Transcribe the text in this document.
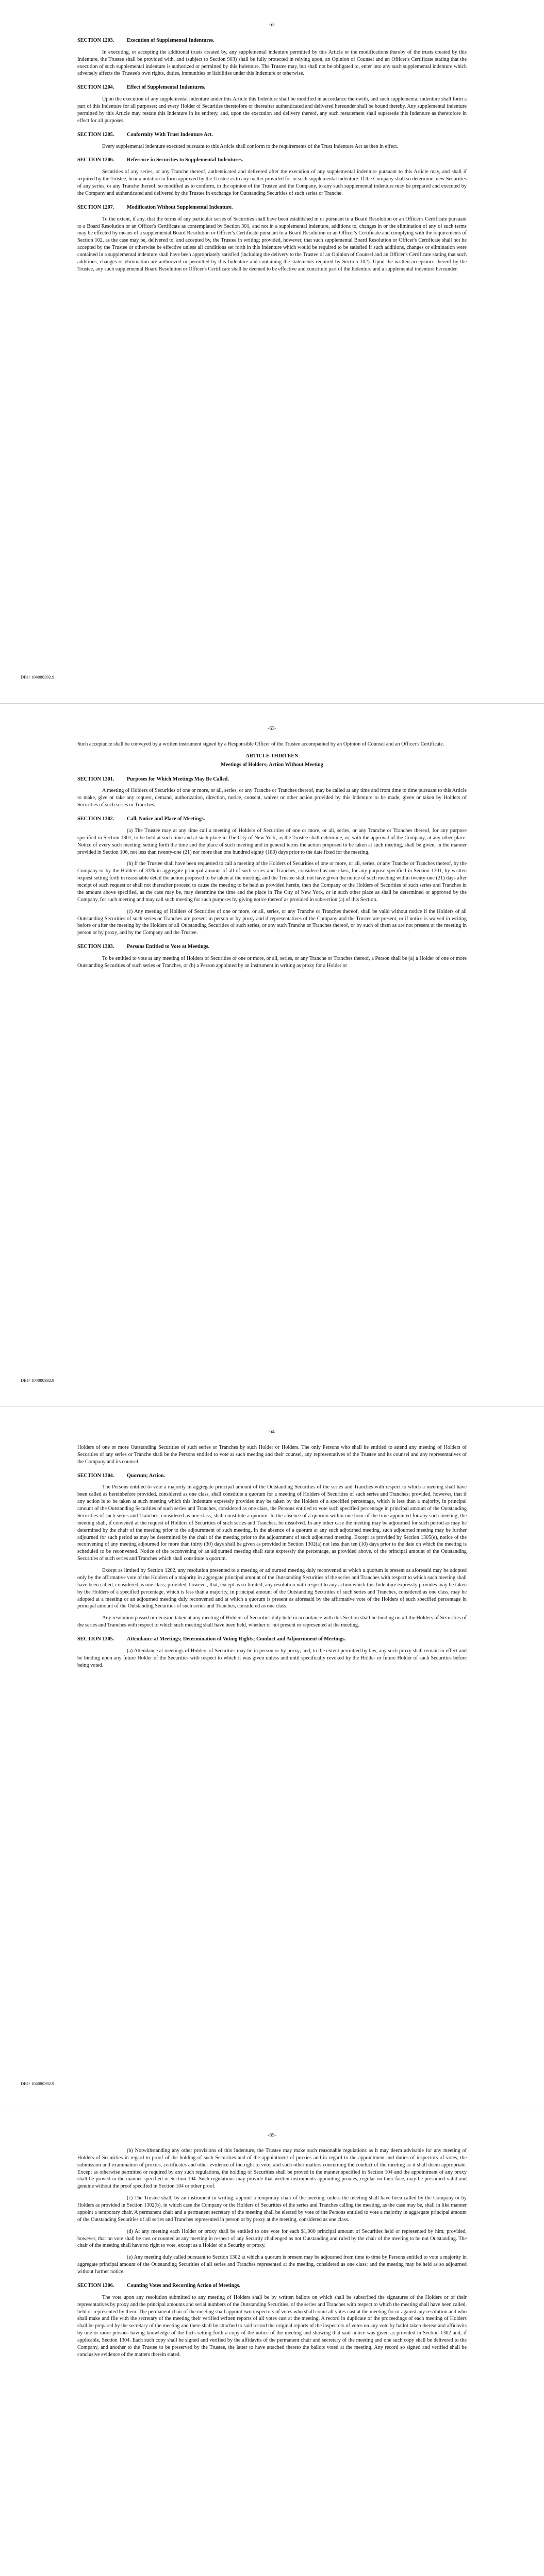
-62-
SECTION 1203. Execution of Supplemental Indentures.

In executing, or accepting the additional trusts created by, any supplemental indenture permitted by this Article or the modifications thereby of the trusts created by this Indenture, the Trustee shall be provided with, and (subject to Section 903) shall be fully protected in relying upon, an Opinion of Counsel and an Officer's Certificate stating that the execution of such supplemental indenture is authorized or permitted by this Indenture. The Trustee may, but shall not be obligated to, enter into any such supplemental indenture which adversely affects the Trustee's own rights, duties, immunities or liabilities under this Indenture or otherwise.

SECTION 1204. Effect of Supplemental Indentures.

Upon the execution of any supplemental indenture under this Article this Indenture shall be modified in accordance therewith, and such supplemental indenture shall form a part of this Indenture for all purposes; and every Holder of Securities theretofore or thereafter authenticated and delivered hereunder shall be bound thereby. Any supplemental indenture permitted by this Article may restate this Indenture in its entirety, and, upon the execution and delivery thereof, any such restatement shall supersede this Indenture as theretofore in effect for all purposes.

SECTION 1205. Conformity With Trust Indenture Act.

Every supplemental indenture executed pursuant to this Article shall conform to the requirements of the Trust Indenture Act as then in effect.

SECTION 1206. Reference in Securities to Supplemental Indentures.

Securities of any series, or any Tranche thereof, authenticated and delivered after the execution of any supplemental indenture pursuant to this Article may, and shall if required by the Trustee, bear a notation in form approved by the Trustee as to any matter provided for in such supplemental indenture. If the Company shall so determine, new Securities of any series, or any Tranche thereof, so modified as to conform, in the opinion of the Trustee and the Company, to any such supplemental indenture may be prepared and executed by the Company and authenticated and delivered by the Trustee in exchange for Outstanding Securities of such series or Tranche.

SECTION 1207. Modification Without Supplemental Indenture.

To the extent, if any, that the terms of any particular series of Securities shall have been established in or pursuant to a Board Resolution or an Officer's Certificate pursuant to a Board Resolution or an Officer's Certificate as contemplated by Section 301, and not in a supplemental indenture, additions to, changes in or the elimination of any of such terms may be effected by means of a supplemental Board Resolution or Officer's Certificate pursuant to a Board Resolution or an Officer's Certificate and complying with the requirements of Section 102, as the case may be, delivered to, and accepted by, the Trustee in writing; provided, however, that such supplemental Board Resolution or Officer's Certificate shall not be accepted by the Trustee or otherwise be effective unless all conditions set forth in this Indenture which would be required to be satisfied if such additions, changes or elimination were contained in a supplemental indenture shall have been appropriately satisfied (including the delivery to the Trustee of an Opinion of Counsel and an Officer's Certificate stating that such additions, changes or elimination are authorized or permitted by this Indenture and containing the statements required by Section 102). Upon the written acceptance thereof by the Trustee, any such supplemental Board Resolution or Officer's Certificate shall be deemed to be effective and constitute part of the Indenture and a supplemental indenture hereunder.

DB1/ 104080392.9
-63-

Such acceptance shall be conveyed by a written instrument signed by a Responsible Officer of the Trustee accompanied by an Opinion of Counsel and an Officer's Certificate.

ARTICLE THIRTEEN

Meetings of Holders; Action Without Meeting

SECTION 1301. Purposes for Which Meetings May Be Called.

A meeting of Holders of Securities of one or more, or all, series, or any Tranche or Tranches thereof, may be called at any time and from time to time pursuant to this Article to make, give or take any request, demand, authorization, direction, notice, consent, waiver or other action provided by this Indenture to be made, given or taken by Holders of Securities of such series or Tranches.

SECTION 1302. Call, Notice and Place of Meetings.

(a) The Trustee may at any time call a meeting of Holders of Securities of one or more, or all, series, or any Tranche or Tranches thereof, for any purpose specified in Section 1301, to be held at such time and at such place in The City of New York, as the Trustee shall determine, or, with the approval of the Company, at any other place. Notice of every such meeting, setting forth the time and the place of such meeting and in general terms the action proposed to be taken at such meeting, shall be given, in the manner provided in Section 106, not less than twenty-one (21) nor more than one hundred eighty (180) days prior to the date fixed for the meeting.

(b) If the Trustee shall have been requested to call a meeting of the Holders of Securities of one or more, or all, series, or any Tranche or Tranches thereof, by the Company or by the Holders of 33% in aggregate principal amount of all of such series and Tranches, considered as one class, for any purpose specified in Section 1301, by written request setting forth in reasonable detail the action proposed to be taken at the meeting, and the Trustee shall not have given the notice of such meeting within twenty-one (21) days after receipt of such request or shall not thereafter proceed to cause the meeting to be held as provided herein, then the Company or the Holders of Securities of such series and Tranches in the amount above specified, as the case may be, may determine the time and the place in The City of New York, or in such other place as shall be determined or approved by the Company, for such meeting and may call such meeting for such purposes by giving notice thereof as provided in subsection (a) of this Section.

(c) Any meeting of Holders of Securities of one or more, or all, series, or any Tranche or Tranches thereof, shall be valid without notice if the Holders of all Outstanding Securities of such series or Tranches are present in person or by proxy and if representatives of the Company and the Trustee are present, or if notice is waived in writing before or after the meeting by the Holders of all Outstanding Securities of such series, or any such Tranche or Tranches thereof, or by such of them as are not present at the meeting in person or by proxy, and by the Company and the Trustee.

SECTION 1303. Persons Entitled to Vote at Meetings.

To be entitled to vote at any meeting of Holders of Securities of one or more, or all, series, or any Tranche or Tranches thereof, a Person shall be (a) a Holder of one or more Outstanding Securities of such series or Tranches, or (b) a Person appointed by an instrument in writing as proxy for a Holder or

DB1/ 104080392.9
-64-

Holders of one or more Outstanding Securities of such series or Tranches by such Holder or Holders. The only Persons who shall be entitled to attend any meeting of Holders of Securities of any series or Tranche shall be the Persons entitled to vote at such meeting and their counsel, any representatives of the Trustee and its counsel and any representatives of the Company and its counsel.

SECTION 1304. Quorum; Action.

The Persons entitled to vote a majority in aggregate principal amount of the Outstanding Securities of the series and Tranches with respect to which a meeting shall have been called as hereinbefore provided, considered as one class, shall constitute a quorum for a meeting of Holders of Securities of such series and Tranches; provided, however, that if any action is to be taken at such meeting which this Indenture expressly provides may be taken by the Holders of a specified percentage, which is less than a majority, in principal amount of the Outstanding Securities of such series and Tranches, considered as one class, the Persons entitled to vote such specified percentage in principal amount of the Outstanding Securities of such series and Tranches, considered as one class, shall constitute a quorum. In the absence of a quorum within one hour of the time appointed for any such meeting, the meeting shall, if convened at the request of Holders of Securities of such series and Tranches, be dissolved. In any other case the meeting may be adjourned for such period as may be determined by the chair of the meeting prior to the adjournment of such meeting. In the absence of a quorum at any such adjourned meeting, such adjourned meeting may be further adjourned for such period as may be determined by the chair of the meeting prior to the adjournment of such adjourned meeting. Except as provided by Section 1305(e), notice of the reconvening of any meeting adjourned for more than thirty (30) days shall be given as provided in Section 1302(a) not less than ten (10) days prior to the date on which the meeting is scheduled to be reconvened. Notice of the reconvening of an adjourned meeting shall state expressly the percentage, as provided above, of the principal amount of the Outstanding Securities of such series and Tranches which shall constitute a quorum.

Except as limited by Section 1202, any resolution presented to a meeting or adjourned meeting duly reconvened at which a quorum is present as aforesaid may be adopted only by the affirmative vote of the Holders of a majority in aggregate principal amount of the Outstanding Securities of the series and Tranches with respect to which such meeting shall have been called, considered as one class; provided, however, that, except as so limited, any resolution with respect to any action which this Indenture expressly provides may be taken by the Holders of a specified percentage, which is less than a majority, in principal amount of the Outstanding Securities of such series and Tranches, considered as one class, may be adopted at a meeting or an adjourned meeting duly reconvened and at which a quorum is present as aforesaid by the affirmative vote of the Holders of such specified percentage in principal amount of the Outstanding Securities of such series and Tranches, considered as one class.

Any resolution passed or decision taken at any meeting of Holders of Securities duly held in accordance with this Section shall be binding on all the Holders of Securities of the series and Tranches with respect to which such meeting shall have been held, whether or not present or represented at the meeting.

SECTION 1305. Attendance at Meetings; Determination of Voting Rights; Conduct and Adjournment of Meetings.

(a) Attendance at meetings of Holders of Securities may be in person or by proxy; and, to the extent permitted by law, any such proxy shall remain in effect and be binding upon any future Holder of the Securities with respect to which it was given unless and until specifically revoked by the Holder or future Holder of such Securities before being voted.

DB1/ 104080392.9
-65-

(b) Notwithstanding any other provisions of this Indenture, the Trustee may make such reasonable regulations as it may deem advisable for any meeting of Holders of Securities in regard to proof of the holding of such Securities and of the appointment of proxies and in regard to the appointment and duties of inspectors of votes, the submission and examination of proxies, certificates and other evidence of the right to vote, and such other matters concerning the conduct of the meeting as it shall deem appropriate. Except as otherwise permitted or required by any such regulations, the holding of Securities shall be proved in the manner specified in Section 104 and the appointment of any proxy shall be proved in the manner specified in Section 104. Such regulations may provide that written instruments appointing proxies, regular on their face, may be presumed valid and genuine without the proof specified in Section 104 or other proof.

(c) The Trustee shall, by an instrument in writing, appoint a temporary chair of the meeting, unless the meeting shall have been called by the Company or by Holders as provided in Section 1302(b), in which case the Company or the Holders of Securities of the series and Tranches calling the meeting, as the case may be, shall in like manner appoint a temporary chair. A permanent chair and a permanent secretary of the meeting shall be elected by vote of the Persons entitled to vote a majority in aggregate principal amount of the Outstanding Securities of all series and Tranches represented in person or by proxy at the meeting, considered as one class.

(d) At any meeting each Holder or proxy shall be entitled to one vote for each $1,000 principal amount of Securities held or represented by him; provided, however, that no vote shall be cast or counted at any meeting in respect of any Security challenged as not Outstanding and ruled by the chair of the meeting to be not Outstanding. The chair of the meeting shall have no right to vote, except as a Holder of a Security or proxy.

(e) Any meeting duly called pursuant to Section 1302 at which a quorum is present may be adjourned from time to time by Persons entitled to vote a majority in aggregate principal amount of the Outstanding Securities of all series and Tranches represented at the meeting, considered as one class; and the meeting may be held as so adjourned without further notice.

SECTION 1306. Counting Votes and Recording Action of Meetings.

The vote upon any resolution submitted to any meeting of Holders shall be by written ballots on which shall be subscribed the signatures of the Holders or of their representatives by proxy and the principal amounts and serial numbers of the Outstanding Securities, of the series and Tranches with respect to which the meeting shall have been called, held or represented by them. The permanent chair of the meeting shall appoint two inspectors of votes who shall count all votes cast at the meeting for or against any resolution and who shall make and file with the secretary of the meeting their verified written reports of all votes cast at the meeting. A record in duplicate of the proceedings of each meeting of Holders shall be prepared by the secretary of the meeting and there shall be attached to said record the original reports of the inspectors of votes on any vote by ballot taken thereat and affidavits by one or more persons having knowledge of the facts setting forth a copy of the notice of the meeting and showing that said notice was given as provided in Section 1302 and, if applicable, Section 1304. Each such copy shall be signed and verified by the affidavits of the permanent chair and secretary of the meeting and one such copy shall be delivered to the Company, and another to the Trustee to be preserved by the Trustee, the latter to have attached thereto the ballots voted at the meeting. Any record so signed and verified shall be conclusive evidence of the matters therein stated.
